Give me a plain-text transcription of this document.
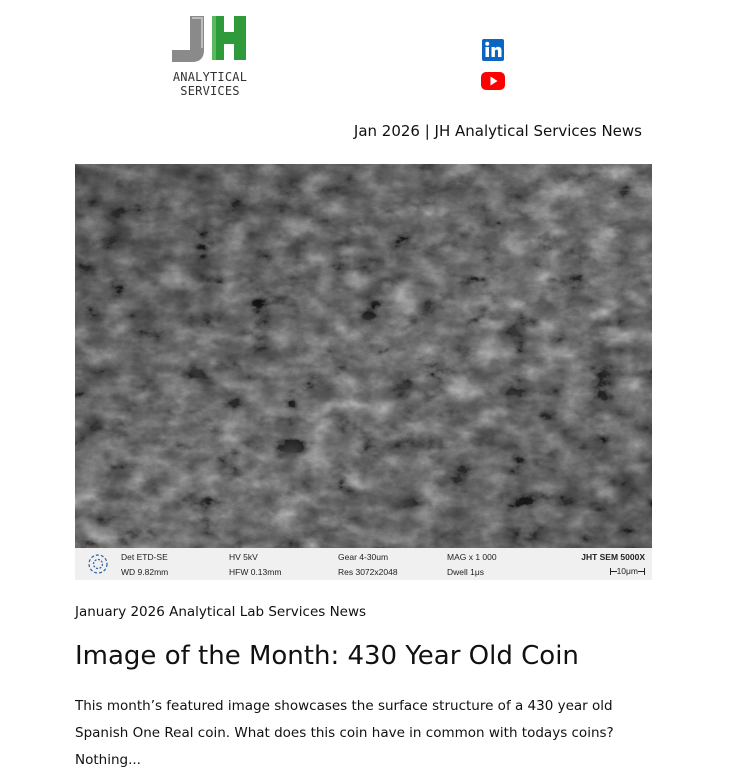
ANALYTICAL SERVICES
Jan 2026 | JH Analytical Services News
Det ETD-SE
WD 9.82mm
HV 5kV
HFW 0.13mm
Gear 4-30um
Res 3072x2048
MAG x 1 000
Dwell 1μs
JHT SEM 5000X
10μm
January 2026 Analytical Lab Services News
Image of the Month: 430 Year Old Coin

This month’s featured image showcases the surface structure of a 430 year old Spanish One Real coin. What does this coin have in common with todays coins? Nothing...
